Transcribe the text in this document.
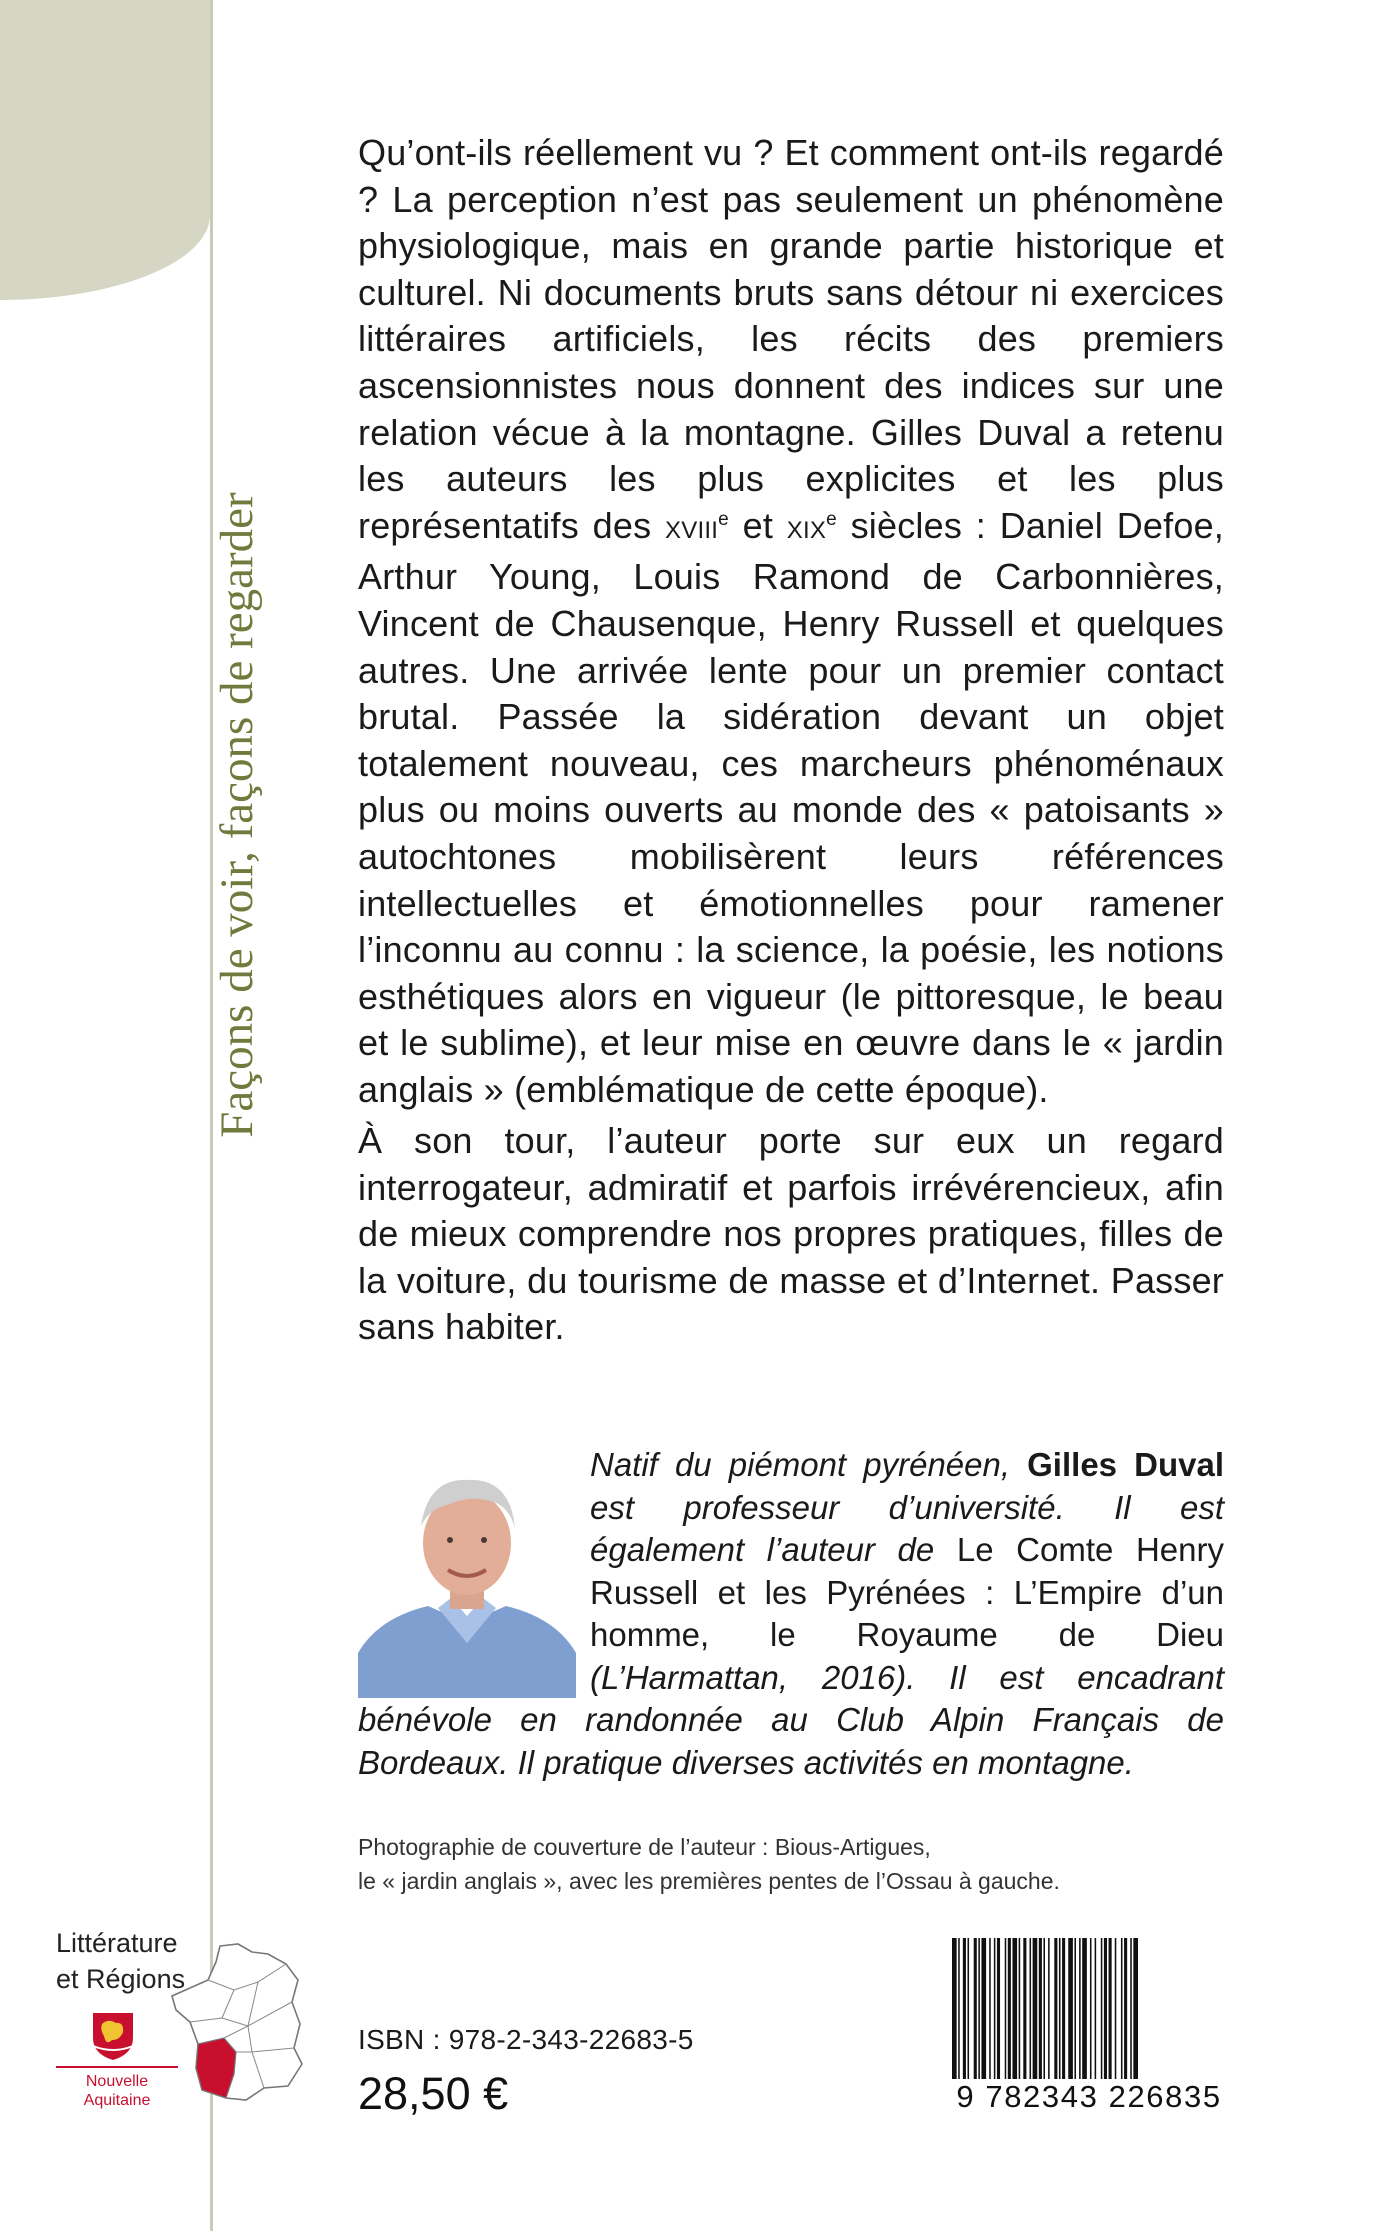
Façons de voir, façons de regarder

Qu’ont-ils réellement vu ? Et comment ont-ils regardé ? La perception n’est pas seulement un phénomène physiologique, mais en grande partie historique et culturel. Ni documents bruts sans détour ni exercices littéraires artificiels, les récits des premiers ascensionnistes nous donnent des indices sur une relation vécue à la montagne. Gilles Duval a retenu les auteurs les plus explicites et les plus représentatifs des XVIIIe et XIXe siècles : Daniel Defoe, Arthur Young, Louis Ramond de Carbonnières, Vincent de Chausenque, Henry Russell et quelques autres. Une arrivée lente pour un premier contact brutal. Passée la sidération devant un objet totalement nouveau, ces marcheurs phénoménaux plus ou moins ouverts au monde des « patoisants » autochtones mobilisèrent leurs références intellectuelles et émotionnelles pour ramener l’inconnu au connu : la science, la poésie, les notions esthétiques alors en vigueur (le pittoresque, le beau et le sublime), et leur mise en œuvre dans le « jardin anglais » (emblématique de cette époque).

À son tour, l’auteur porte sur eux un regard interrogateur, admiratif et parfois irrévérencieux, afin de mieux comprendre nos propres pratiques, filles de la voiture, du tourisme de masse et d’Internet. Passer sans habiter.

Natif du piémont pyrénéen, Gilles Duval est professeur d’université. Il est également l’auteur de Le Comte Henry Russell et les Pyrénées : L’Empire d’un homme, le Royaume de Dieu (L’Harmattan, 2016). Il est encadrant bénévole en randonnée au Club Alpin Français de Bordeaux. Il pratique diverses activités en montagne.

Photographie de couverture de l’auteur : Bious-Artigues,
le « jardin anglais », avec les premières pentes de l’Ossau à gauche.

Littérature
et Régions
Nouvelle
Aquitaine
ISBN : 978-2-343-22683-5
28,50 €	9 782343 226835
